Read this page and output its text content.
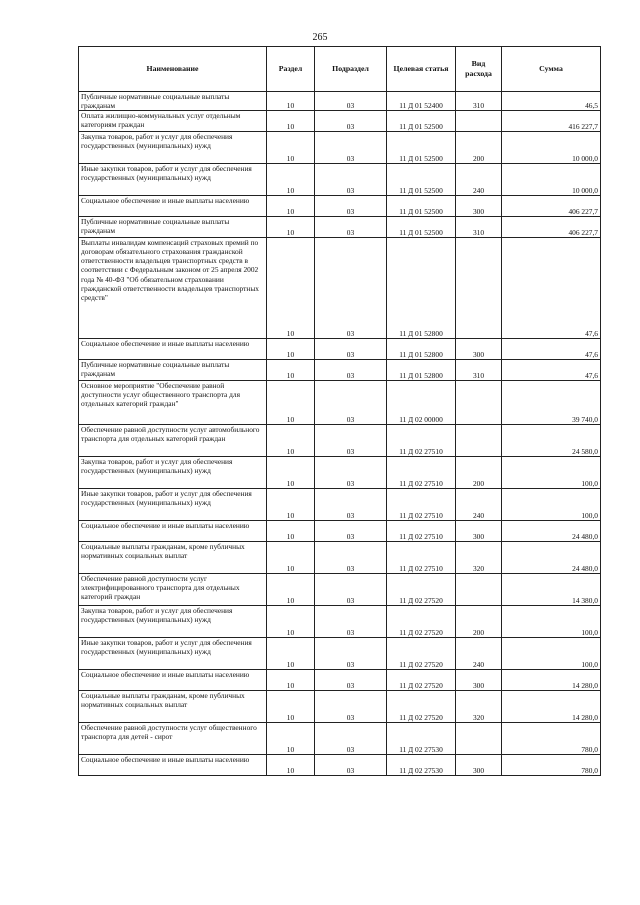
265
Наименование	Раздел	Подраздел	Целевая статья	Вид расхода	Сумма
Публичные нормативные социальные выплаты гражданам	10	03	11 Д 01 52400	310	46,5
Оплата жилищно-коммунальных услуг отдельным категориям граждан	10	03	11 Д 01 52500		416 227,7
Закупка товаров, работ и услуг для обеспечения государственных (муниципальных) нужд	10	03	11 Д 01 52500	200	10 000,0
Иные закупки товаров, работ и услуг для обеспечения государственных (муниципальных) нужд	10	03	11 Д 01 52500	240	10 000,0
Социальное обеспечение и иные выплаты населению	10	03	11 Д 01 52500	300	406 227,7
Публичные нормативные социальные выплаты гражданам	10	03	11 Д 01 52500	310	406 227,7
Выплаты инвалидам компенсаций страховых премий по договорам обязательного страхования гражданской ответственности владельцев транспортных средств в соответствии с Федеральным законом от 25 апреля 2002 года № 40-ФЗ "Об обязательном страховании гражданской ответственности владельцев транспортных средств"	10	03	11 Д 01 52800		47,6
Социальное обеспечение и иные выплаты населению	10	03	11 Д 01 52800	300	47,6
Публичные нормативные социальные выплаты гражданам	10	03	11 Д 01 52800	310	47,6
Основное мероприятие "Обеспечение равной доступности услуг общественного транспорта для отдельных категорий граждан"	10	03	11 Д 02 00000		39 740,0
Обеспечение равной доступности услуг автомобильного транспорта для отдельных категорий граждан	10	03	11 Д 02 27510		24 580,0
Закупка товаров, работ и услуг для обеспечения государственных (муниципальных) нужд	10	03	11 Д 02 27510	200	100,0
Иные закупки товаров, работ и услуг для обеспечения государственных (муниципальных) нужд	10	03	11 Д 02 27510	240	100,0
Социальное обеспечение и иные выплаты населению	10	03	11 Д 02 27510	300	24 480,0
Социальные выплаты гражданам, кроме публичных нормативных социальных выплат	10	03	11 Д 02 27510	320	24 480,0
Обеспечение равной доступности услуг электрифицированного транспорта для отдельных категорий граждан	10	03	11 Д 02 27520		14 380,0
Закупка товаров, работ и услуг для обеспечения государственных (муниципальных) нужд	10	03	11 Д 02 27520	200	100,0
Иные закупки товаров, работ и услуг для обеспечения государственных (муниципальных) нужд	10	03	11 Д 02 27520	240	100,0
Социальное обеспечение и иные выплаты населению	10	03	11 Д 02 27520	300	14 280,0
Социальные выплаты гражданам, кроме публичных нормативных социальных выплат	10	03	11 Д 02 27520	320	14 280,0
Обеспечение равной доступности услуг общественного транспорта для детей - сирот	10	03	11 Д 02 27530		780,0
Социальное обеспечение и иные выплаты населению	10	03	11 Д 02 27530	300	780,0
